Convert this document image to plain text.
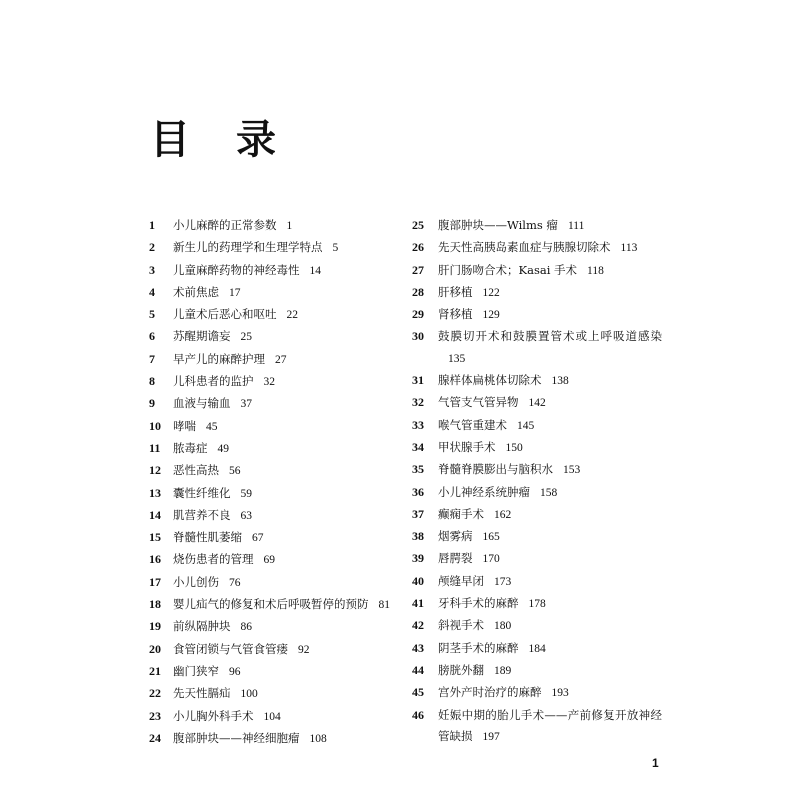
目 录
1	小儿麻醉的正常参数 1
2	新生儿的药理学和生理学特点 5
3	儿童麻醉药物的神经毒性 14
4	术前焦虑 17
5	儿童术后恶心和呕吐 22
6	苏醒期谵妄 25
7	早产儿的麻醉护理 27
8	儿科患者的监护 32
9	血液与输血 37
10	哮喘 45
11	脓毒症 49
12	恶性高热 56
13	囊性纤维化 59
14	肌营养不良 63
15	脊髓性肌萎缩 67
16	烧伤患者的管理 69
17	小儿创伤 76
18	婴儿疝气的修复和术后呼吸暂停的预防 81
19	前纵隔肿块 86
20	食管闭锁与气管食管瘘 92
21	幽门狭窄 96
22	先天性膈疝 100
23	小儿胸外科手术 104
24	腹部肿块——神经细胞瘤 108
25	腹部肿块——Wilms 瘤 111
26	先天性高胰岛素血症与胰腺切除术 113
27	肝门肠吻合术；Kasai 手术 118
28	肝移植 122
29	肾移植 129
30	鼓膜切开术和鼓膜置管术或上呼吸道感染135
31	腺样体扁桃体切除术 138
32	气管支气管异物 142
33	喉气管重建术 145
34	甲状腺手术 150
35	脊髓脊膜膨出与脑积水 153
36	小儿神经系统肿瘤 158
37	癫痫手术 162
38	烟雾病 165
39	唇腭裂 170
40	颅缝早闭 173
41	牙科手术的麻醉 178
42	斜视手术 180
43	阴茎手术的麻醉 184
44	膀胱外翻 189
45	宫外产时治疗的麻醉 193
46	妊娠中期的胎儿手术——产前修复开放神经管缺损 197
1
